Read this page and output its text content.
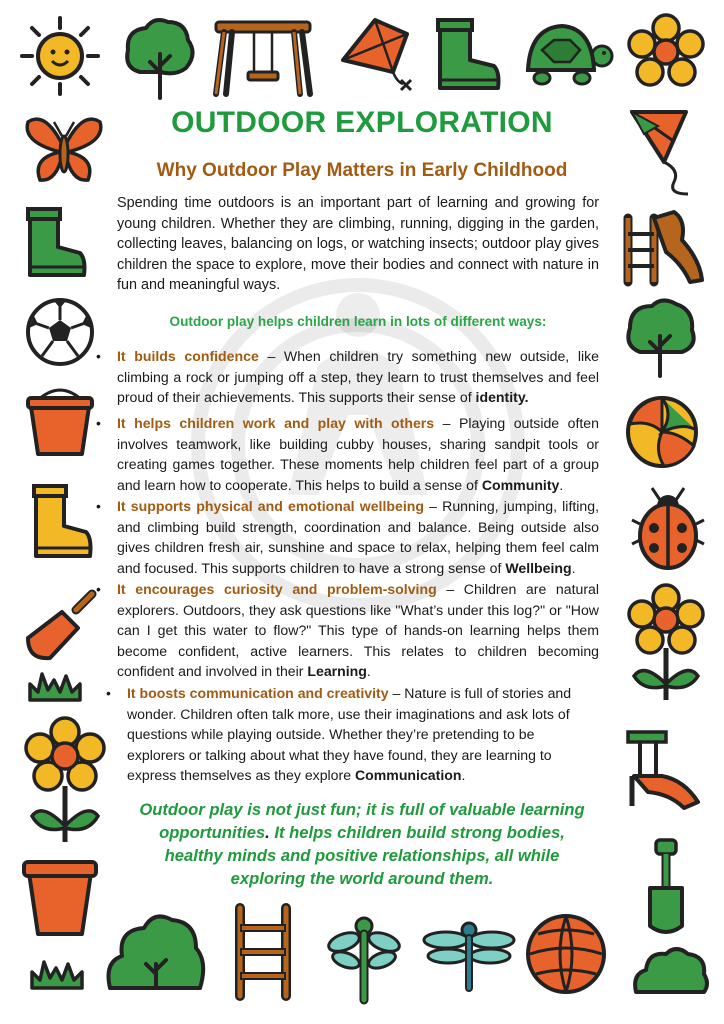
OUTDOOR EXPLORATION
Why Outdoor Play Matters in Early Childhood

Spending time outdoors is an important part of learning and growing for young children. Whether they are climbing, running, digging in the garden, collecting leaves, balancing on logs, or watching insects; outdoor play gives children the space to explore, move their bodies and connect with nature in fun and meaningful ways.

Outdoor play helps children learn in lots of different ways:

• It builds confidence – When children try something new outside, like climbing a rock or jumping off a step, they learn to trust themselves and feel proud of their achievements. This supports their sense of identity.

• It helps children work and play with others – Playing outside often involves teamwork, like building cubby houses, sharing sandpit tools or creating games together. These moments help children feel part of a group and learn how to cooperate. This helps to build a sense of Community.

• It supports physical and emotional wellbeing – Running, jumping, lifting, and climbing build strength, coordination and balance. Being outside also gives children fresh air, sunshine and space to relax, helping them feel calm and focused. This supports children to have a strong sense of Wellbeing.

• It encourages curiosity and problem-solving – Children are natural explorers. Outdoors, they ask questions like "What’s under this log?" or "How can I get this water to flow?" This type of hands-on learning helps them become confident, active learners. This relates to children becoming confident and involved in their Learning.

• It boosts communication and creativity – Nature is full of stories and wonder. Children often talk more, use their imaginations and ask lots of questions while playing outside. Whether they’re pretending to be explorers or talking about what they have found, they are learning to express themselves as they explore Communication.

Outdoor play is not just fun; it is full of valuable learning opportunities. It helps children build strong bodies, healthy minds and positive relationships, all while exploring the world around them.
